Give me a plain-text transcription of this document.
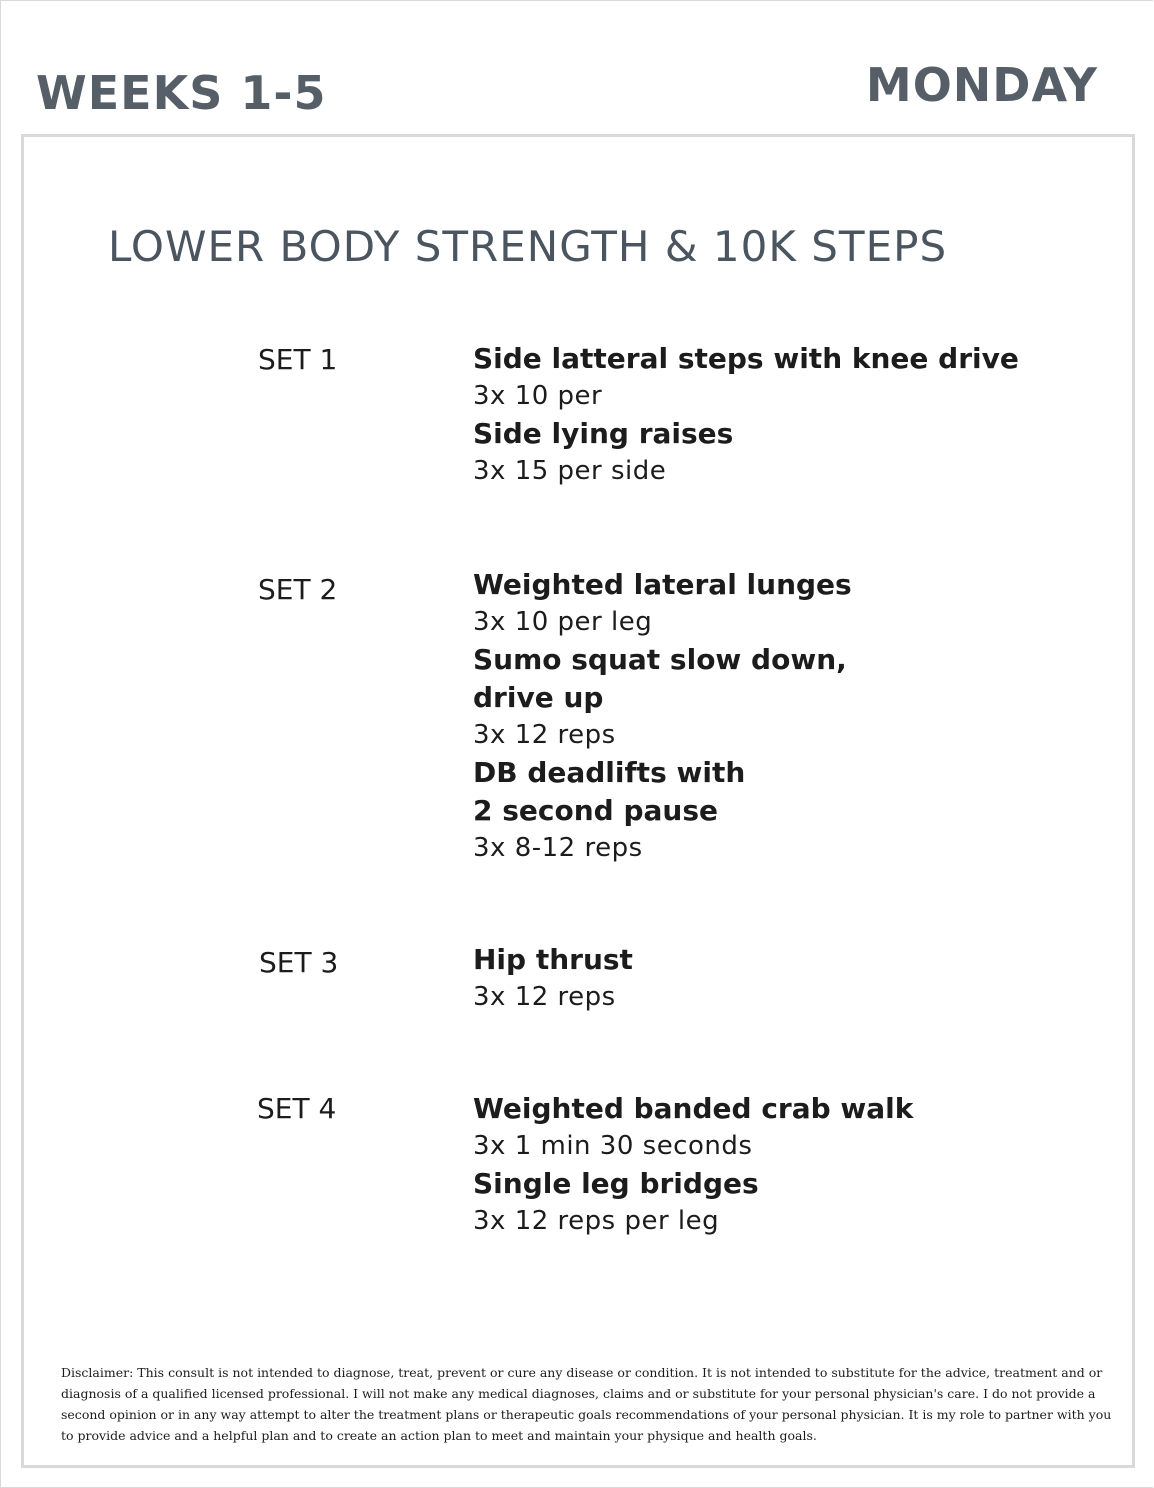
WEEKS 1-5	MONDAY
LOWER BODY STRENGTH & 10K STEPS
SET 1	Side latteral steps with knee drive
3x 10 per
Side lying raises
3x 15 per side
SET 2	Weighted lateral lunges
3x 10 per leg
Sumo squat slow down,
drive up
3x 12 reps
DB deadlifts with
2 second pause
3x 8-12 reps
SET 3	Hip thrust
3x 12 reps
SET 4	Weighted banded crab walk
3x 1 min 30 seconds
Single leg bridges
3x 12 reps per leg
Disclaimer: This consult is not intended to diagnose, treat, prevent or cure any disease or condition. It is not intended to substitute for the advice, treatment and or diagnosis of a qualified licensed professional. I will not make any medical diagnoses, claims and or substitute for your personal physician's care. I do not provide a second opinion or in any way attempt to alter the treatment plans or therapeutic goals recommendations of your personal physician. It is my role to partner with you to provide advice and a helpful plan and to create an action plan to meet and maintain your physique and health goals.
